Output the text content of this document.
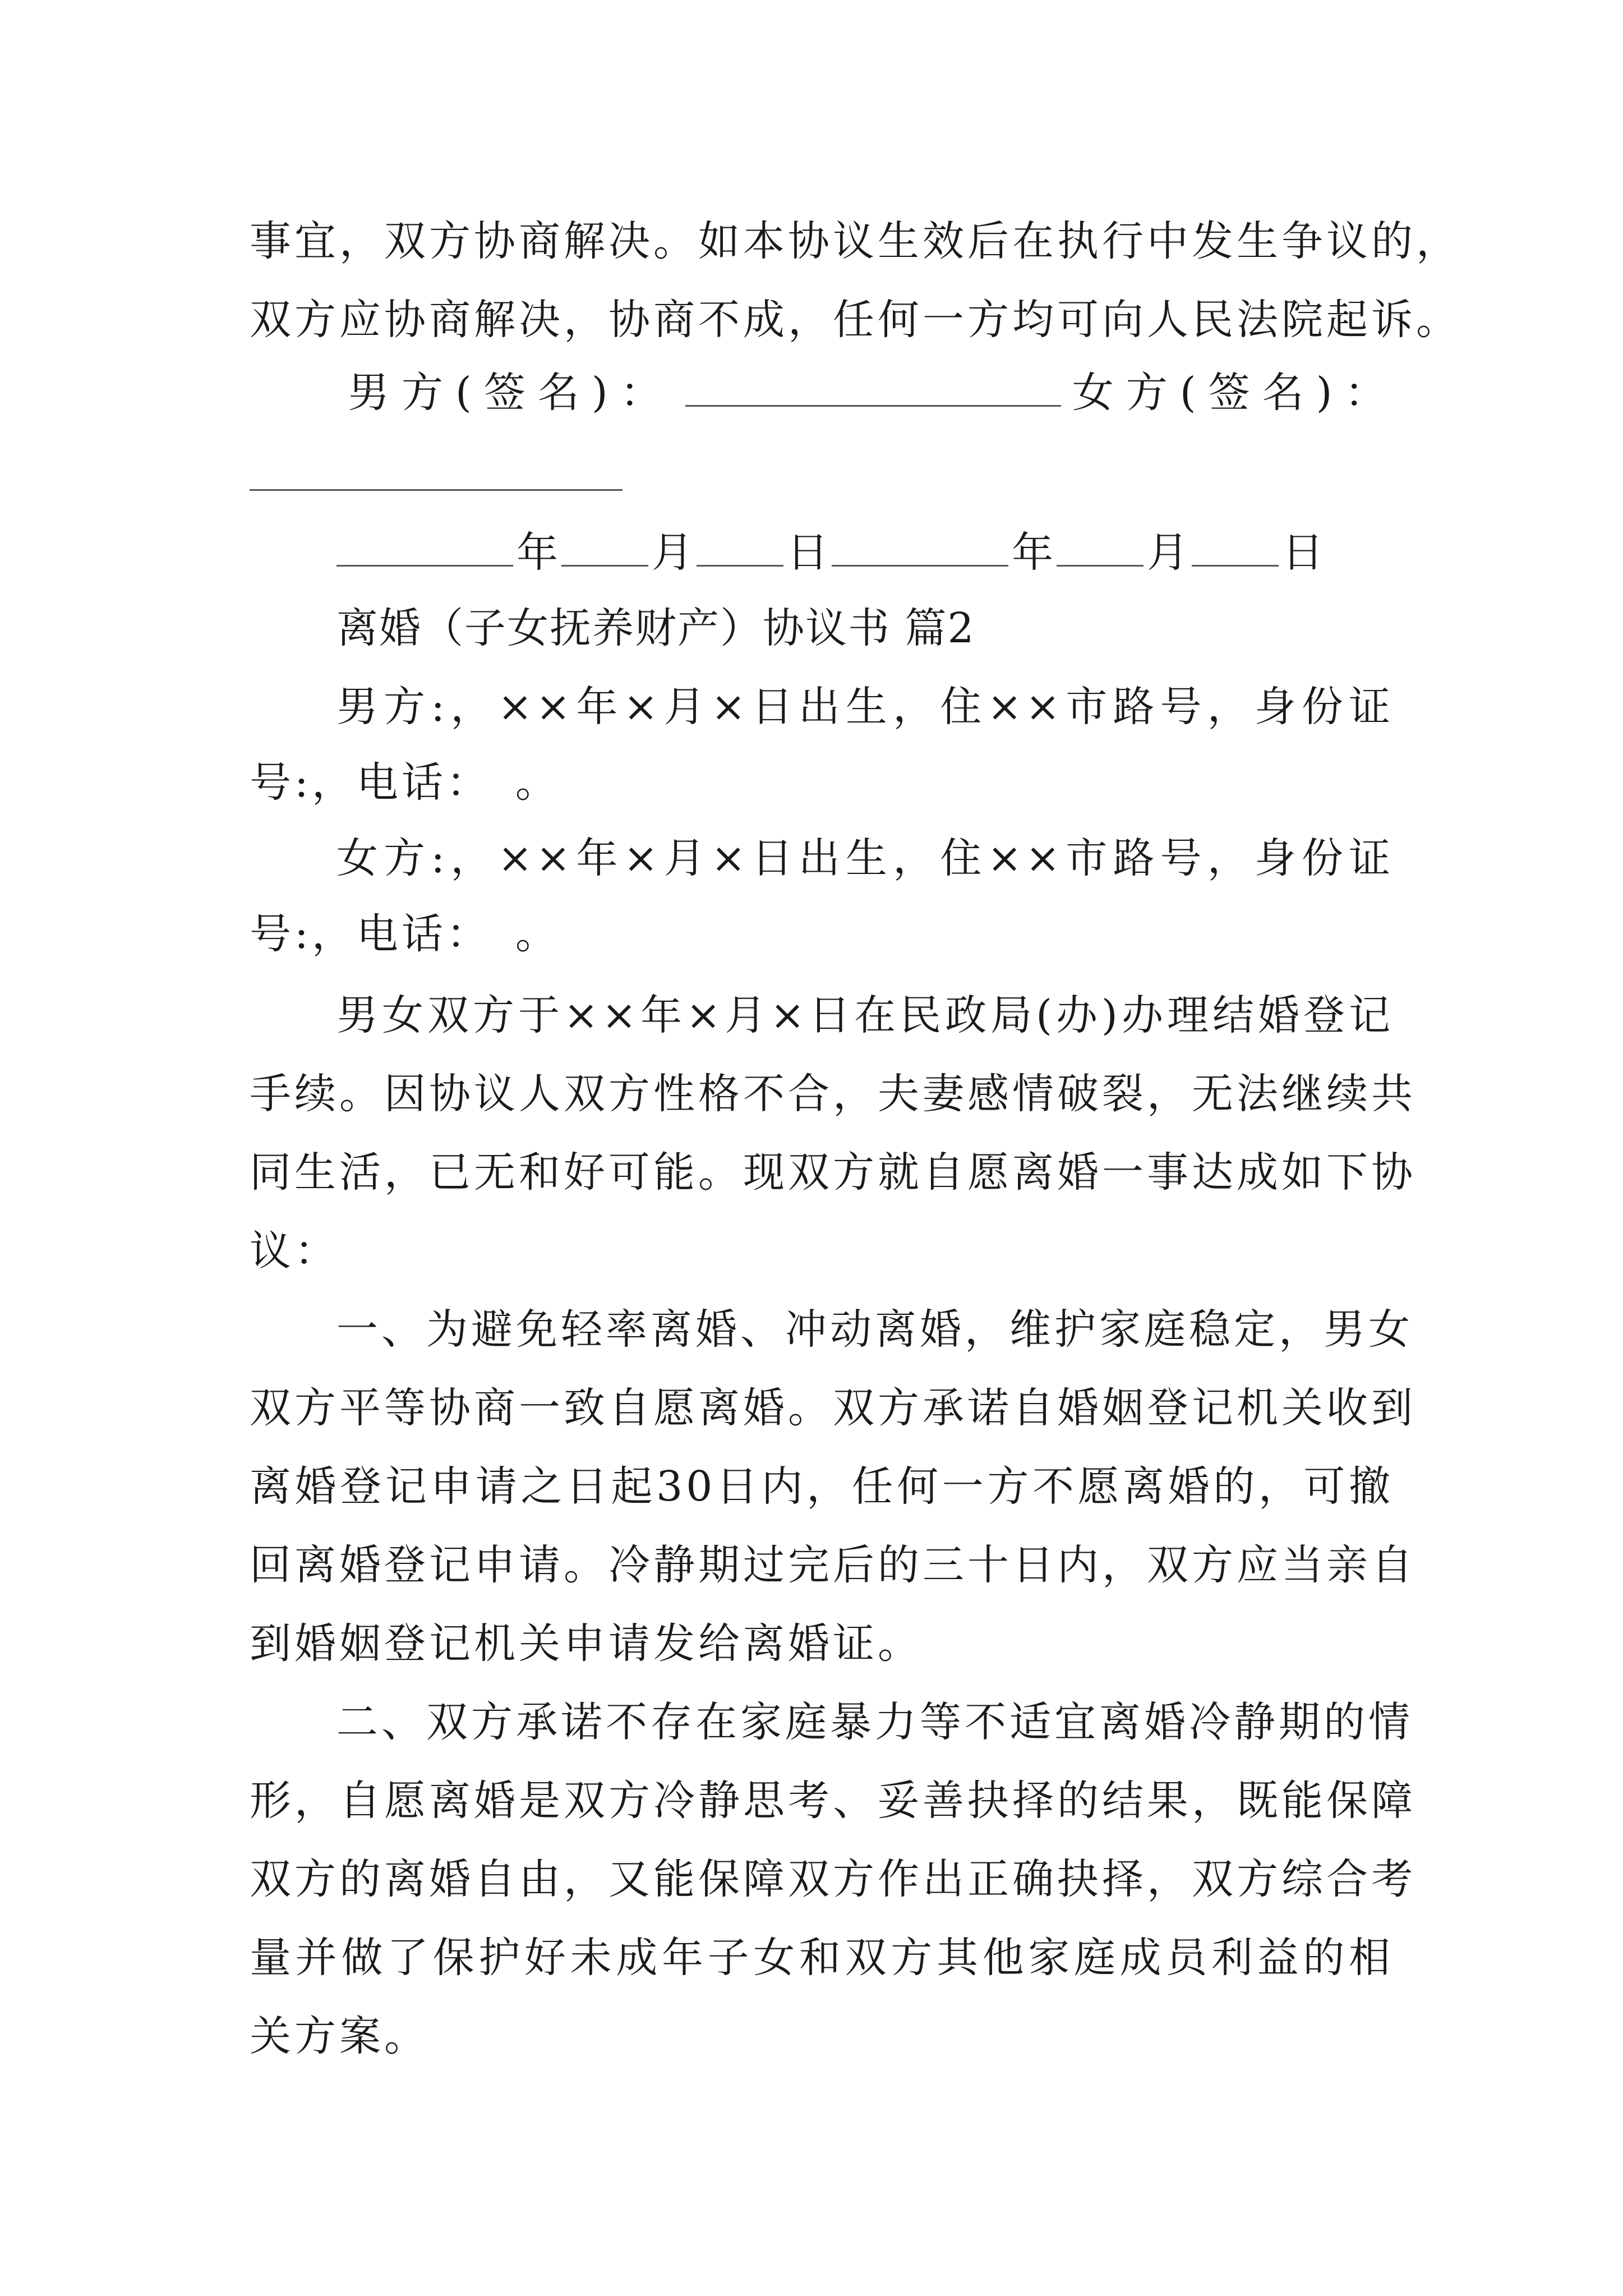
事宜，双方协商解决。如本协议生效后在执行中发生争议的，
双方应协商解决，协商不成，任何一方均可向人民法院起诉。
男方(签名)：	女方(签名)：
年 月 日	年 月 日
离婚（子女抚养财产）协议书 篇2
男方:，××年×月×日出生，住××市路号，身份证
号:，电话：　。
女方:，××年×月×日出生，住××市路号，身份证
号:，电话：　。
男女双方于××年×月×日在民政局(办)办理结婚登记
手续。因协议人双方性格不合，夫妻感情破裂，无法继续共
同生活，已无和好可能。现双方就自愿离婚一事达成如下协
议：
一、为避免轻率离婚、冲动离婚，维护家庭稳定，男女
双方平等协商一致自愿离婚。双方承诺自婚姻登记机关收到
离婚登记申请之日起30日内，任何一方不愿离婚的，可撤
回离婚登记申请。冷静期过完后的三十日内，双方应当亲自
到婚姻登记机关申请发给离婚证。
二、双方承诺不存在家庭暴力等不适宜离婚冷静期的情
形，自愿离婚是双方冷静思考、妥善抉择的结果，既能保障
双方的离婚自由，又能保障双方作出正确抉择，双方综合考
量并做了保护好未成年子女和双方其他家庭成员利益的相
关方案。
